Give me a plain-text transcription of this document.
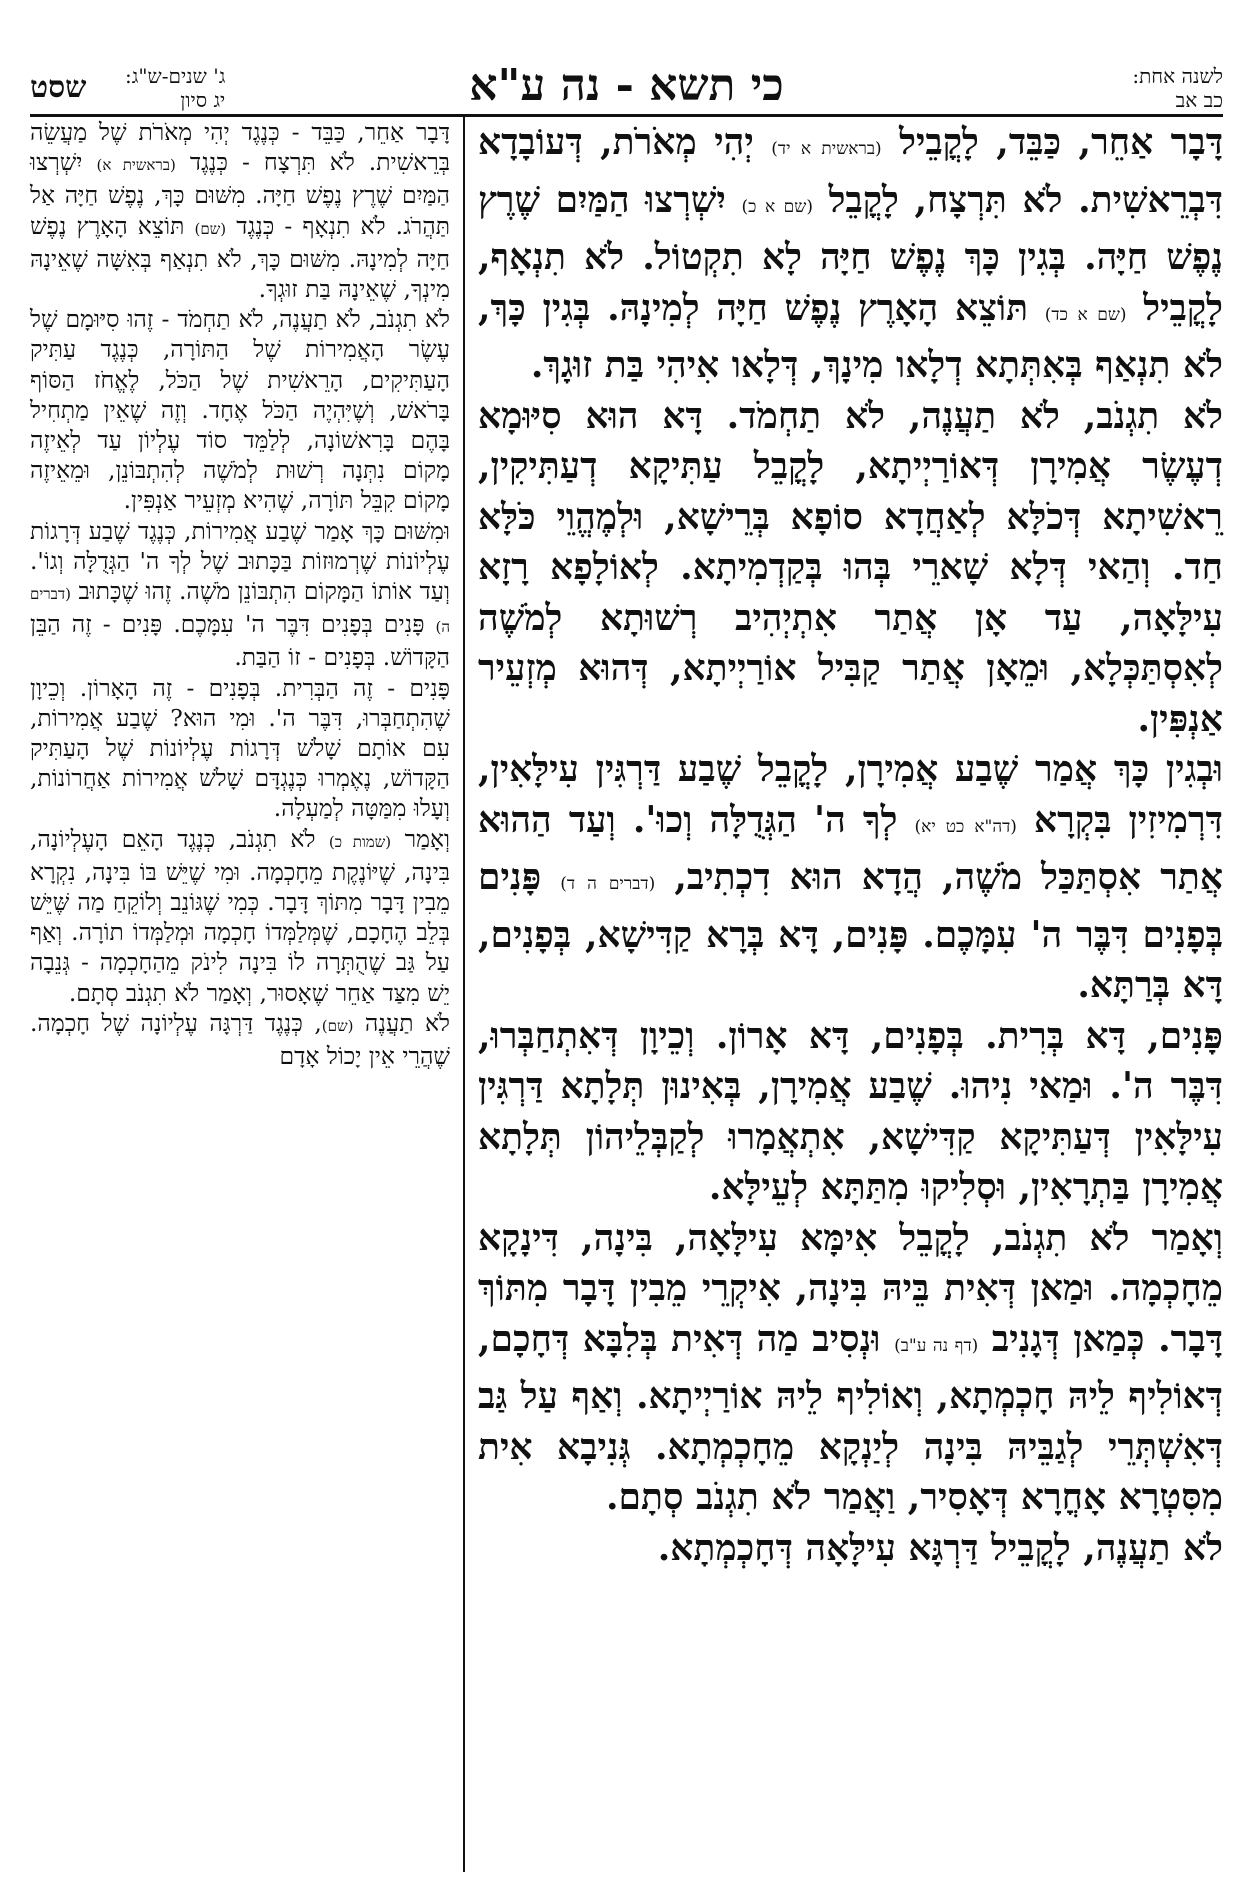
לשנה אחת:
כב אב
כי תשא - נה ע"א
ג' שנים-ש"ג:
יג סיון
שסט

דָּבָר אַחֵר, כַּבֵּד, לָקֳבֵיל (בראשית א יד) יְהִי מְאֹרֹת, דְּעוֹבָדָא דִּבְרֵאשִׁית. לֹא תִּרְצָח, לָקֳבֵל (שם א כ) יִשְׁרְצוּ הַמַּיִם שֶׁרֶץ נֶפֶשׁ חַיָּה. בְּגִין כָּךְ נֶפֶשׁ חַיָּה לָא תִקְטוֹל. לֹא תִנְאָף, לָקֳבֵיל (שם א כד) תּוֹצֵא הָאָרֶץ נֶפֶשׁ חַיָּה לְמִינָהּ. בְּגִין כָּךְ, לֹא תִנְאַף בְּאִתְּתָא דְלָאו מִינָךְ, דְּלָאו אִיהִי בַּת זוּגָךְ.

לֹא תִגְנֹב, לֹא תַעֲנֶה, לֹא תַחְמֹד. דָּא הוּא סִיּוּמָא דְעֶשֶׂר אֲמִירָן דְּאוֹרַיְיתָא, לָקֳבֵל עַתִּיקָא דְעַתִּיקִין, רֵאשִׁיתָא דְּכֹלָּא לְאַחֲדָא סוֹפָא בְּרֵישָׁא, וּלְמֶהֱוֵי כֹּלָּא חַד. וְהַאי דְּלָא שָׁארֵי בְּהוּ בְּקַדְמִיתָא. לְאוֹלָפָא רָזָא עִילָּאָה, עַד אָן אֲתַר אִתְיְהִיב רְשׁוּתָא לְמֹשֶׁה לְאִסְתַּכְּלָא, וּמֵאָן אֲתַר קַבִּיל אוֹרַיְיתָא, דְּהוּא מְזְעֵיר אַנְפִּין.

וּבְגִין כָּךְ אֲמַר שֶׁבַע אֲמִירָן, לָקֳבֵל שֶׁבַע דַּרְגִּין עִילָּאִין, דִּרְמִיזִין בִּקְרָא (דה"א כט יא) לְךָ ה' הַגְּדֻלָּה וְכוּ'. וְעַד הַהוּא אֲתַר אִסְתַּכַּל מֹשֶׁה, הֲדָא הוּא דִכְתִיב, (דברים ה ד) פָּנִים בְּפָנִים דִּבֶּר ה' עִמָּכֶם. פָּנִים, דָּא בְּרָא קַדִּישָׁא, בְּפָנִים, דָּא בְּרַתָּא.

פָּנִים, דָּא בְּרִית. בְּפָנִים, דָּא אָרוֹן. וְכֵיוָן דְּאִתְחַבְּרוּ, דִּבֶּר ה'. וּמַאי נִיהוּ. שֶׁבַע אֲמִירָן, בְּאִינוּן תְּלָתָא דַּרְגִּין עִילָּאִין דְּעַתִּיקָא קַדִּישָׁא, אִתְאֲמָרוּ לְקַבְּלֵיהוֹן תְּלָתָא אֲמִירָן בַּתְרָאִין, וּסְלִיקוּ מִתַּתָּא לְעֵילָּא.

וְאָמַר לֹא תִגְנֹב, לָקֳבֵל אִימָּא עִילָּאָה, בִּינָה, דִּינָקָא מֵחָכְמָה. וּמַאן דְּאִית בֵּיהּ בִּינָה, אִיקְרֵי מֵבִין דָּבָר מִתּוֹךְ דָּבָר. כְּמַאן דְּגָנִיב (דף נה ע"ב) וּנְסִיב מַה דְּאִית בְּלִבָּא דְּחָכָם, דְּאוֹלִיף לֵיהּ חָכְמְתָא, וְאוֹלִיף לֵיהּ אוֹרַיְיתָא. וְאַף עַל גַּב דְּאִשְׁתְּרֵי לְגַבֵּיהּ בִּינָה לְיַנְקָא מֵחָכְמְתָא. גְּנִיבָא אִית מִסִּטְרָא אָחֳרָא דְּאָסִיר, וַאֲמַר לֹא תִגְנֹב סְתָם.

לֹא תַעֲנֶה, לָקֳבֵיל דַּרְגָּא עִילָּאָה דְּחָכְמְתָא.

דָּבָר אַחֵר, כַּבֵּד - כְּנֶגֶד יְהִי מְאֹרֹת שֶׁל מַעֲשֵׂה בְּרֵאשִׁית. לֹא תִּרְצָח - כְּנֶגֶד (בראשית א) יִשְׁרְצוּ הַמַּיִם שֶׁרֶץ נֶפֶשׁ חַיָּה. מִשּׁוּם כָּךְ, נֶפֶשׁ חַיָּה אַל תַּהֲרֹג. לֹא תִנְאָף - כְּנֶגֶד (שם) תּוֹצֵא הָאָרֶץ נֶפֶשׁ חַיָּה לְמִינָהּ. מִשּׁוּם כָּךְ, לֹא תִנְאַף בְּאִשָּׁה שֶׁאֵינָהּ מִינְךָ, שֶׁאֵינָהּ בַּת זוּגְךָ.

לֹא תִגְנֹב, לֹא תַעֲנֶה, לֹא תַחְמֹד - זֶהוּ סִיּוּמָם שֶׁל עֶשֶׂר הָאֲמִירוֹת שֶׁל הַתּוֹרָה, כְּנֶגֶד עַתִּיק הָעַתִּיקִים, הָרֵאשִׁית שֶׁל הַכֹּל, לֶאֱחֹז הַסּוֹף בָּרֹאשׁ, וְשֶׁיִּהְיֶה הַכֹּל אֶחָד. וְזֶה שֶׁאֵין מַתְחִיל בָּהֶם בָּרִאשׁוֹנָה, לְלַמֵּד סוֹד עֶלְיוֹן עַד לְאֵיזֶה מָקוֹם נִתְּנָה רְשׁוּת לְמֹשֶׁה לְהִתְבּוֹנֵן, וּמֵאֵיזֶה מָקוֹם קִבֵּל תּוֹרָה, שֶׁהִיא מְזְעֵיר אַנְפִּין.

וּמִשּׁוּם כָּךְ אָמַר שֶׁבַע אֲמִירוֹת, כְּנֶגֶד שֶׁבַע דְּרָגוֹת עֶלְיוֹנוֹת שֶׁרְמוּזוֹת בַּכָּתוּב שֶׁל לְךָ ה' הַגְּדֻלָּה וְגוֹ'. וְעַד אוֹתוֹ הַמָּקוֹם הִתְבּוֹנֵן מֹשֶׁה. זֶהוּ שֶׁכָּתוּב (דברים ה) פָּנִים בְּפָנִים דִּבֶּר ה' עִמָּכֶם. פָּנִים - זֶה הַבֵּן הַקָּדוֹשׁ. בְּפָנִים - זוֹ הַבַּת.

פָּנִים - זֶה הַבְּרִית. בְּפָנִים - זֶה הָאָרוֹן. וְכֵיוָן שֶׁהִתְחַבְּרוּ, דִּבֶּר ה'. וּמִי הוּא? שֶׁבַע אֲמִירוֹת, עִם אוֹתָם שָׁלֹשׁ דְּרָגוֹת עֶלְיוֹנוֹת שֶׁל הָעַתִּיק הַקָּדוֹשׁ, נֶאֶמְרוּ כְּנֶגְדָּם שָׁלֹשׁ אֲמִירוֹת אַחֲרוֹנוֹת, וְעָלוּ מִמַּטָּה לְמַעְלָה.

וְאָמַר (שמות כ) לֹא תִגְנֹב, כְּנֶגֶד הָאֵם הָעֶלְיוֹנָה, בִּינָה, שֶׁיּוֹנֶקֶת מֵחָכְמָה. וּמִי שֶׁיֵּשׁ בּוֹ בִּינָה, נִקְרָא מֵבִין דָּבָר מִתּוֹךְ דָּבָר. כְּמִי שֶׁגּוֹנֵב וְלוֹקֵחַ מַה שֶּׁיֵּשׁ בְּלֵב הֶחָכָם, שֶׁמְּלַמְּדוֹ חָכְמָה וּמְלַמְּדוֹ תוֹרָה. וְאַף עַל גַּב שֶׁהֻתְּרָה לוֹ בִּינָה לִינֹק מֵהַחָכְמָה - גְּנֵבָה יֵשׁ מִצַּד אַחֵר שֶׁאָסוּר, וְאָמַר לֹא תִגְנֹב סְתָם.

לֹא תַעֲנֶה (שם), כְּנֶגֶד דַּרְגָּה עֶלְיוֹנָה שֶׁל חָכְמָה. שֶׁהֲרֵי אֵין יָכוֹל אָדָם
